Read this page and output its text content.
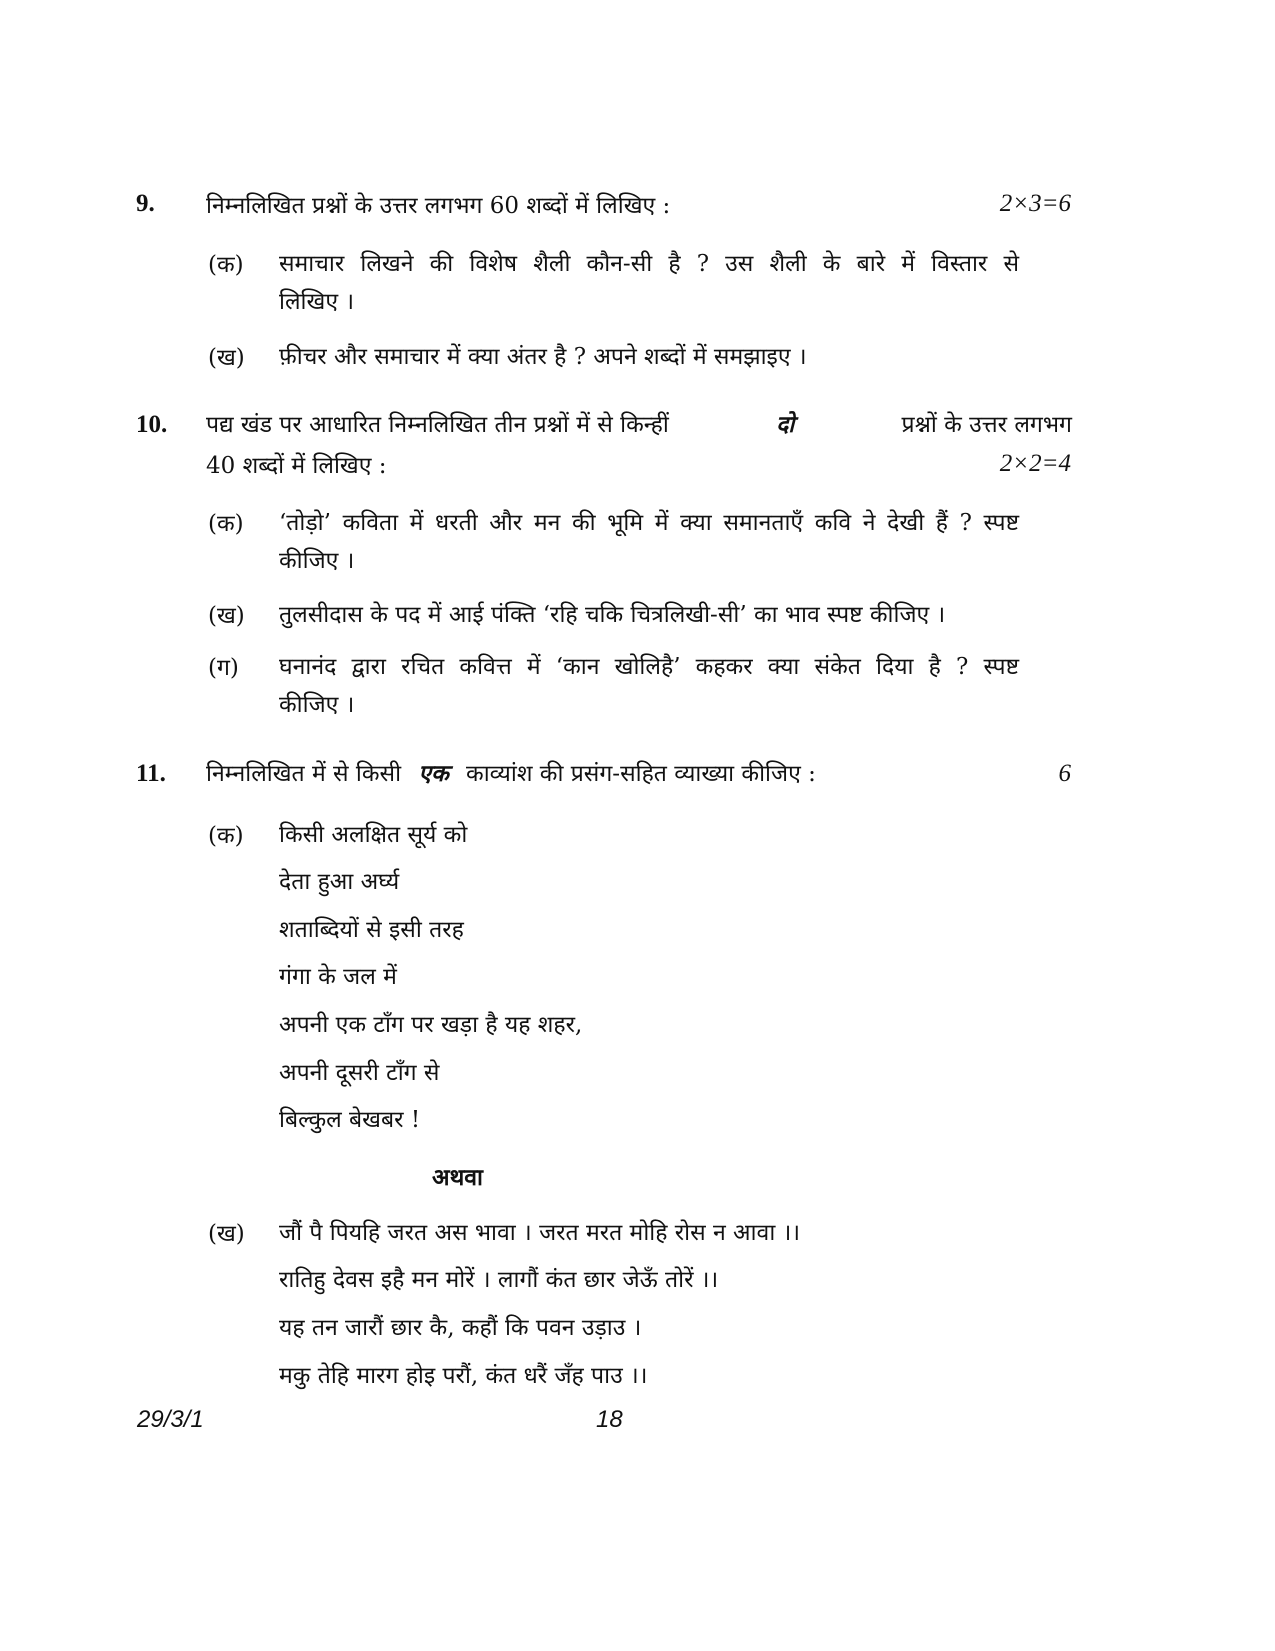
9. निम्नलिखित प्रश्नों के उत्तर लगभग 60 शब्दों में लिखिए :	2×3=6
(क) समाचार लिखने की विशेष शैली कौन-सी है ? उस शैली के बारे में विस्तार से
लिखिए ।
(ख) फ़ीचर और समाचार में क्या अंतर है ? अपने शब्दों में समझाइए ।
10. पद्य खंड पर आधारित निम्नलिखित तीन प्रश्नों में से किन्हीं	दो	प्रश्नों के उत्तर लगभग
40 शब्दों में लिखिए :	2×2=4
(क) ‘तोड़ो’ कविता में धरती और मन की भूमि में क्या समानताएँ कवि ने देखी हैं ? स्पष्ट
कीजिए ।
(ख) तुलसीदास के पद में आई पंक्ति ‘रहि चकि चित्रलिखी-सी’ का भाव स्पष्ट कीजिए ।
(ग) घनानंद द्वारा रचित कवित्त में ‘कान खोलिहै’ कहकर क्या संकेत दिया है ? स्पष्ट
कीजिए ।
11. निम्नलिखित में से किसी एक काव्यांश की प्रसंग-सहित व्याख्या कीजिए :	6
(क) किसी अलक्षित सूर्य को
देता हुआ अर्घ्य
शताब्दियों से इसी तरह
गंगा के जल में
अपनी एक टाँग पर खड़ा है यह शहर,
अपनी दूसरी टाँग से
बिल्कुल बेखबर !
अथवा
(ख) जौं पै पियहि जरत अस भावा । जरत मरत मोहि रोस न आवा ।।
रातिहु देवस इहै मन मोरें । लागौं कंत छार जेऊँ तोरें ।।
यह तन जारौं छार कै, कहौं कि पवन उड़ाउ ।
मकु तेहि मारग होइ परौं, कंत धरैं जँह पाउ ।।
29/3/1	18
